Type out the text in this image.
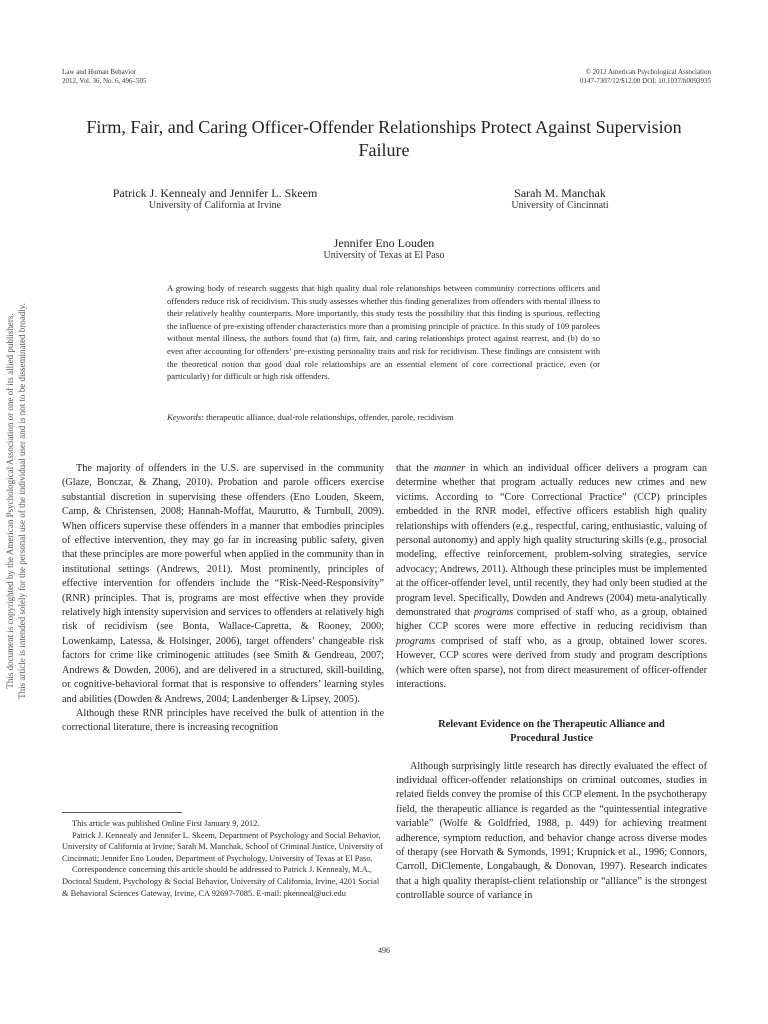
Law and Human Behavior
2012, Vol. 36, No. 6, 496–505
© 2012 American Psychological Association
0147-7307/12/$12.00 DOI: 10.1037/h0093935
Firm, Fair, and Caring Officer-Offender Relationships Protect Against Supervision Failure
Patrick J. Kennealy and Jennifer L. Skeem
University of California at Irvine
Sarah M. Manchak
University of Cincinnati
Jennifer Eno Louden
University of Texas at El Paso
A growing body of research suggests that high quality dual role relationships between community corrections officers and offenders reduce risk of recidivism. This study assesses whether this finding generalizes from offenders with mental illness to their relatively healthy counterparts. More importantly, this study tests the possibility that this finding is spurious, reflecting the influence of pre-existing offender characteristics more than a promising principle of practice. In this study of 109 parolees without mental illness, the authors found that (a) firm, fair, and caring relationships protect against rearrest, and (b) do so even after accounting for offenders’ pre-existing personality traits and risk for recidivism. These findings are consistent with the theoretical notion that good dual role relationships are an essential element of core correctional practice, even (or particularly) for difficult or high risk offenders.
Keywords: therapeutic alliance, dual-role relationships, offender, parole, recidivism

The majority of offenders in the U.S. are supervised in the community (Glaze, Bonczar, & Zhang, 2010). Probation and parole officers exercise substantial discretion in supervising these offenders (Eno Louden, Skeem, Camp, & Christensen, 2008; Hannah-Moffat, Maurutto, & Turnbull, 2009). When officers supervise these offenders in a manner that embodies principles of effective intervention, they may go far in increasing public safety, given that these principles are more powerful when applied in the community than in institutional settings (Andrews, 2011). Most prominently, principles of effective intervention for offenders include the “Risk-Need-Responsivity” (RNR) principles. That is, programs are most effective when they provide relatively high intensity supervision and services to offenders at relatively high risk of recidivism (see Bonta, Wallace-Capretta, & Rooney, 2000; Lowenkamp, Latessa, & Holsinger, 2006), target offenders’ changeable risk factors for crime like criminogenic attitudes (see Smith & Gendreau, 2007; Andrews & Dowden, 2006), and are delivered in a structured, skill-building, or cognitive-behavioral format that is responsive to offenders’ learning styles and abilities (Dowden & Andrews, 2004; Landenberger & Lipsey, 2005).

Although these RNR principles have received the bulk of attention in the correctional literature, there is increasing recognition

that the manner in which an individual officer delivers a program can determine whether that program actually reduces new crimes and new victims. According to “Core Correctional Practice” (CCP) principles embedded in the RNR model, effective officers establish high quality relationships with offenders (e.g., respectful, caring, enthusiastic, valuing of personal autonomy) and apply high quality structuring skills (e.g., prosocial modeling, effective reinforcement, problem-solving strategies, service advocacy; Andrews, 2011). Although these principles must be implemented at the officer-offender level, until recently, they had only been studied at the program level. Specifically, Dowden and Andrews (2004) meta-analytically demonstrated that programs comprised of staff who, as a group, obtained higher CCP scores were more effective in reducing recidivism than programs comprised of staff who, as a group, obtained lower scores. However, CCP scores were derived from study and program descriptions (which were often sparse), not from direct measurement of officer-offender interactions.

Relevant Evidence on the Therapeutic Alliance and Procedural Justice

Although surprisingly little research has directly evaluated the effect of individual officer-offender relationships on criminal outcomes, studies in related fields convey the promise of this CCP element. In the psychotherapy field, the therapeutic alliance is regarded as the “quintessential integrative variable” (Wolfe & Goldfried, 1988, p. 449) for achieving treatment adherence, symptom reduction, and behavior change across diverse modes of therapy (see Horvath & Symonds, 1991; Krupnick et al., 1996; Connors, Carroll, DiClemente, Longabaugh, & Donovan, 1997). Research indicates that a high quality therapist-client relationship or “alliance” is the strongest controllable source of variance in

This article was published Online First January 9, 2012.

Patrick J. Kennealy and Jennifer L. Skeem, Department of Psychology and Social Behavior, University of California at Irvine; Sarah M. Manchak, School of Criminal Justice, University of Cincinnati; Jennifer Eno Louden, Department of Psychology, University of Texas at El Paso.

Correspondence concerning this article should be addressed to Patrick J. Kennealy, M.A., Doctoral Student, Psychology & Social Behavior, University of California, Irvine, 4201 Social & Behavioral Sciences Gateway, Irvine, CA 92697-7085. E-mail: pkenneal@uci.edu

496
This document is copyrighted by the American Psychological Association or one of its allied publishers. This article is intended solely for the personal use of the individual user and is not to be disseminated broadly.
